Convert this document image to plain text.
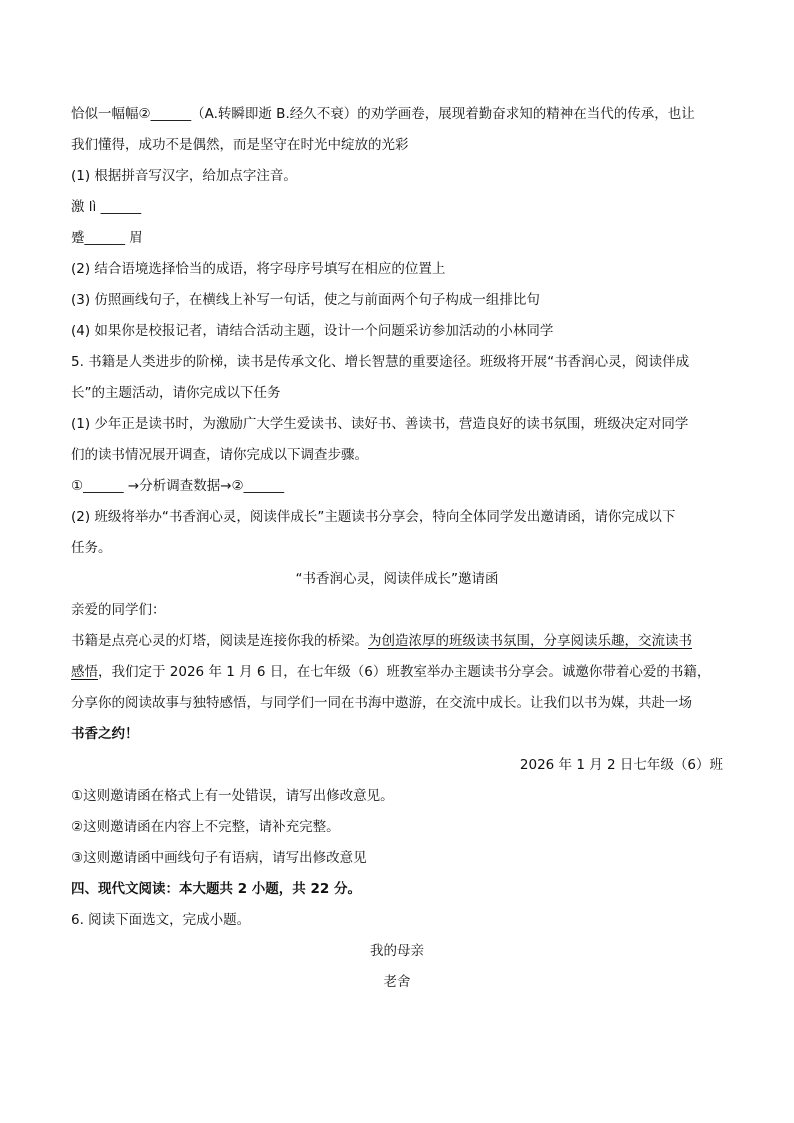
恰似一幅幅②______（A.转瞬即逝 B.经久不衰）的劝学画卷，展现着勤奋求知的精神在当代的传承，也让
我们懂得，成功不是偶然，而是坚守在时光中绽放的光彩
(1) 根据拼音写汉字，给加点字注音。
激 lì ______
蹙______ 眉
(2) 结合语境选择恰当的成语，将字母序号填写在相应的位置上
(3) 仿照画线句子，在横线上补写一句话，使之与前面两个句子构成一组排比句
(4) 如果你是校报记者，请结合活动主题，设计一个问题采访参加活动的小林同学
5. 书籍是人类进步的阶梯，读书是传承文化、增长智慧的重要途径。班级将开展“书香润心灵，阅读伴成
长”的主题活动，请你完成以下任务
(1) 少年正是读书时，为激励广大学生爱读书、读好书、善读书，营造良好的读书氛围，班级决定对同学
们的读书情况展开调查，请你完成以下调查步骤。
①______ →分析调查数据→②______
(2) 班级将举办“书香润心灵，阅读伴成长”主题读书分享会，特向全体同学发出邀请函，请你完成以下
任务。
“书香润心灵，阅读伴成长”邀请函
亲爱的同学们：
书籍是点亮心灵的灯塔，阅读是连接你我的桥梁。为创造浓厚的班级读书氛围，分享阅读乐趣，交流读书
感悟，我们定于 2026 年 1 月 6 日，在七年级（6）班教室举办主题读书分享会。诚邀你带着心爱的书籍，
分享你的阅读故事与独特感悟，与同学们一同在书海中遨游，在交流中成长。让我们以书为媒，共赴一场
书香之约！
2026 年 1 月 2 日七年级（6）班
①这则邀请函在格式上有一处错误，请写出修改意见。
②这则邀请函在内容上不完整，请补充完整。
③这则邀请函中画线句子有语病，请写出修改意见
四、现代文阅读：本大题共 2 小题，共 22 分。
6. 阅读下面选文，完成小题。
我的母亲
老舍
